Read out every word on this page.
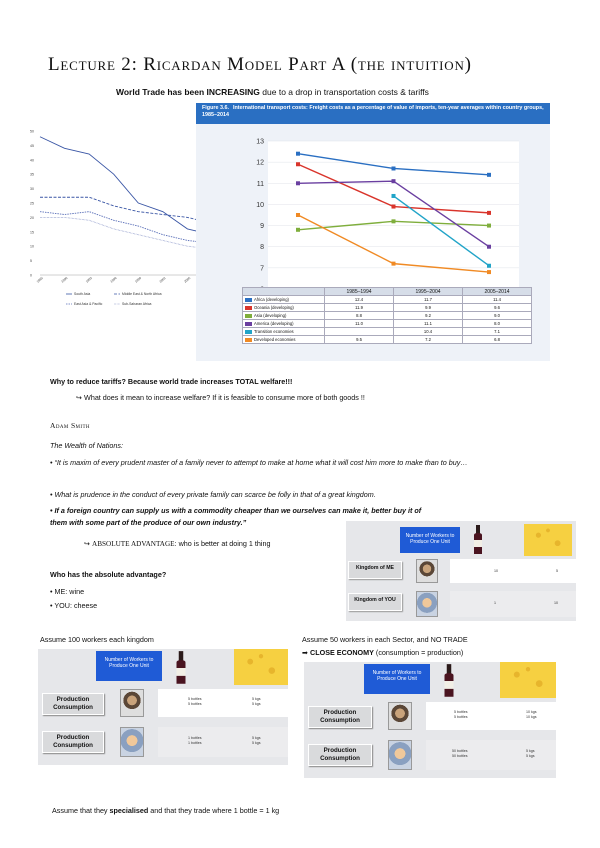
Lecture 2: Ricardan Model Part A (the intuition)
World Trade has been INCREASING due to a drop in transportation costs & tariffs
0
5
10
15
20
25
30
35
40
45
50
1985	1990	1993	1996	1999	2002	2005
South Asia
East Asia & Pacific
Middle East & North Africa
Sub-Saharan Africa
Figure 3.6. International transport costs: Freight costs as a percentage of value of imports, ten-year averages within country groups, 1985–2014
7
8
9
10
11
12
13
	1985–1994	1995–2004	2005–2014
Africa (developing)	12.4	11.7	11.4
Oceania (developing)	11.9	9.9	9.6
Asia (developing)	8.8	9.2	9.0
America (developing)	11.0	11.1	8.0
Transition economies		10.4	7.1
Developed economies	9.5	7.2	6.8
Why to reduce tariffs? Because world trade increases TOTAL welfare!!!
↪ What does it mean to increase welfare? If it is feasible to consume more of both goods !!
Adam Smith
The Wealth of Nations:
• “It is maxim of every prudent master of a family never to attempt to make at home what it will cost him more to make than to buy…
• What is prudence in the conduct of every private family can scarce be folly in that of a great kingdom.
• If a foreign country can supply us with a commodity cheaper than we ourselves can make it, better buy it of
them with some part of the produce of our own industry.”
↪ ABSOLUTE ADVANTAGE: who is better at doing 1 thing
Who has the absolute advantage?
• ME: wine
• YOU: cheese
Number of Workers to Produce One Unit
Kingdom of ME	10	5
Kingdom of YOU	1	10
Assume 100 workers each kingdom	Assume 50 workers in each Sector, and NO TRADE
➡ CLOSE ECONOMY (consumption = production)
Number of Workers to Produce One Unit
Production Consumption
5 bottles
5 bottles
5 kgs
5 kgs
Production Consumption
1 bottles
1 bottles
5 kgs
5 kgs
Number of Workers to Produce One Unit
Production Consumption
5 bottles
5 bottles
10 kgs
10 kgs
Production Consumption
50 bottles
50 bottles
5 kgs
5 kgs
Assume that they specialised and that they trade where 1 bottle = 1 kg
